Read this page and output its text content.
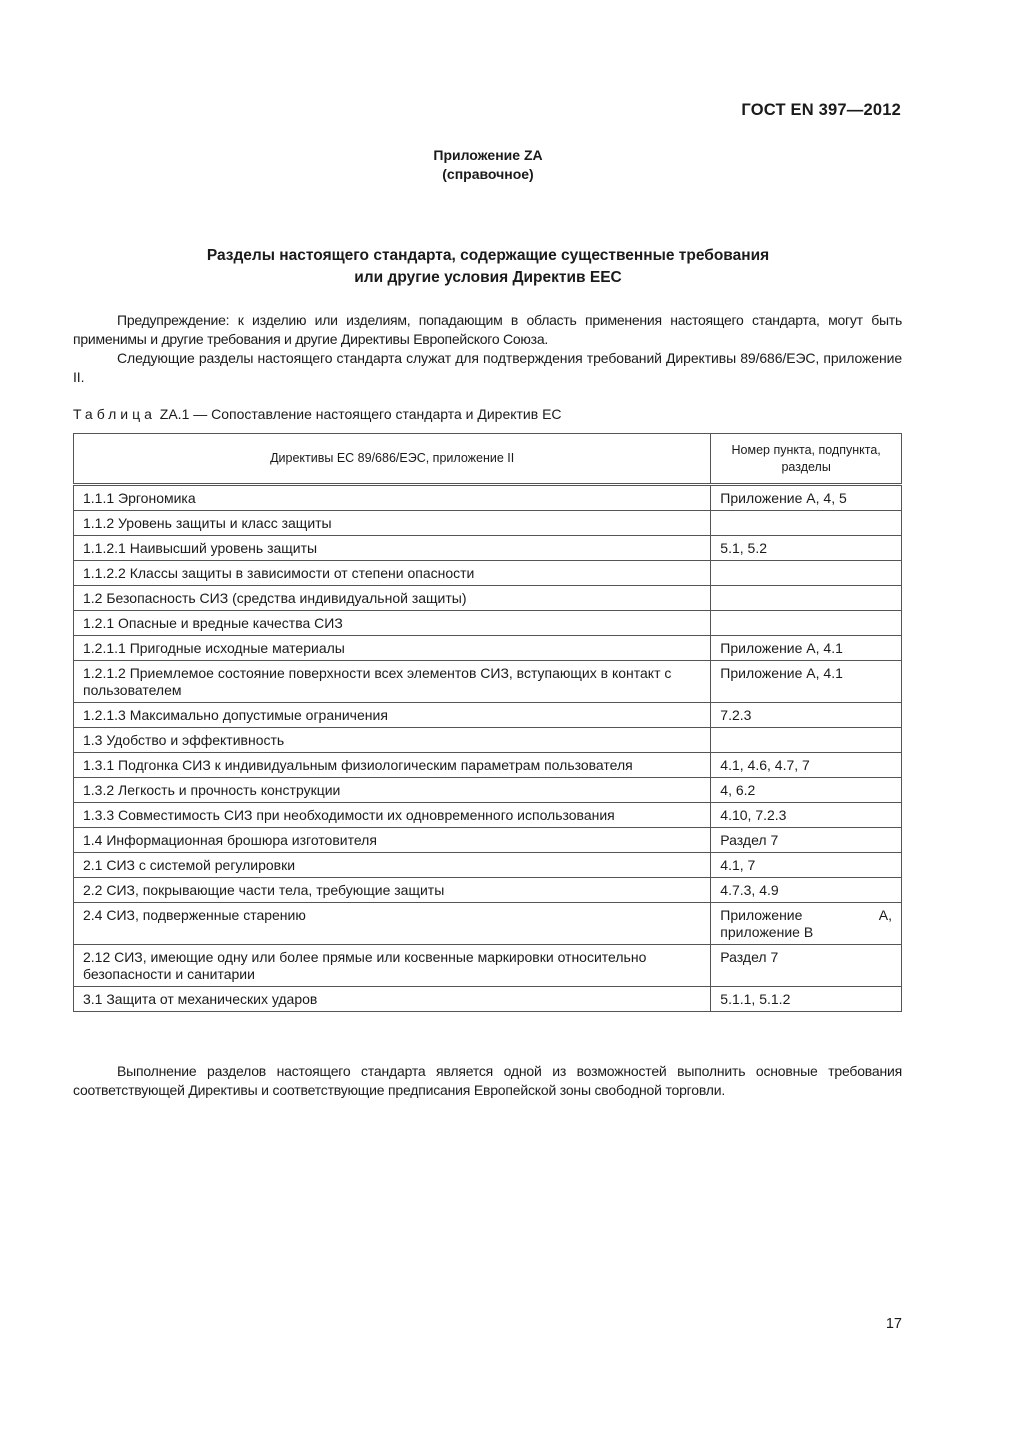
ГОСТ EN 397—2012
Приложение ZA
(справочное)
Разделы настоящего стандарта, содержащие существенные требования
или другие условия Директив ЕЕС
Предупреждение: к изделию или изделиям, попадающим в область применения настоящего стандарта, могут быть применимы и другие требования и другие Директивы Европейского Союза.
Следующие разделы настоящего стандарта служат для подтверждения требований Директивы 89/686/ЕЭС, приложение II.
Таблица ZA.1 — Сопоставление настоящего стандарта и Директив ЕС
Директивы ЕС 89/686/ЕЭС, приложение II	Номер пункта, подпункта, разделы
1.1.1 Эргономика	Приложение А, 4, 5
1.1.2 Уровень защиты и класс защиты	
1.1.2.1 Наивысший уровень защиты	5.1, 5.2
1.1.2.2 Классы защиты в зависимости от степени опасности	
1.2 Безопасность СИЗ (средства индивидуальной защиты)	
1.2.1 Опасные и вредные качества СИЗ	
1.2.1.1 Пригодные исходные материалы	Приложение А, 4.1
1.2.1.2 Приемлемое состояние поверхности всех элементов СИЗ, вступающих в контакт с пользователем	Приложение А, 4.1
1.2.1.3 Максимально допустимые ограничения	7.2.3
1.3 Удобство и эффективность	
1.3.1 Подгонка СИЗ к индивидуальным физиологическим параметрам пользователя	4.1, 4.6, 4.7, 7
1.3.2 Легкость и прочность конструкции	4, 6.2
1.3.3 Совместимость СИЗ при необходимости их одновременного использования	4.10, 7.2.3
1.4 Информационная брошюра изготовителя	Раздел 7
2.1 СИЗ с системой регулировки	4.1, 7
2.2 СИЗ, покрывающие части тела, требующие защиты	4.7.3, 4.9
2.4 СИЗ, подверженные старению	Приложение А, приложение В
2.12 СИЗ, имеющие одну или более прямые или косвенные маркировки относительно безопасности и санитарии	Раздел 7
3.1 Защита от механических ударов	5.1.1, 5.1.2
Выполнение разделов настоящего стандарта является одной из возможностей выполнить основные требования соответствующей Директивы и соответствующие предписания Европейской зоны свободной торговли.
17
